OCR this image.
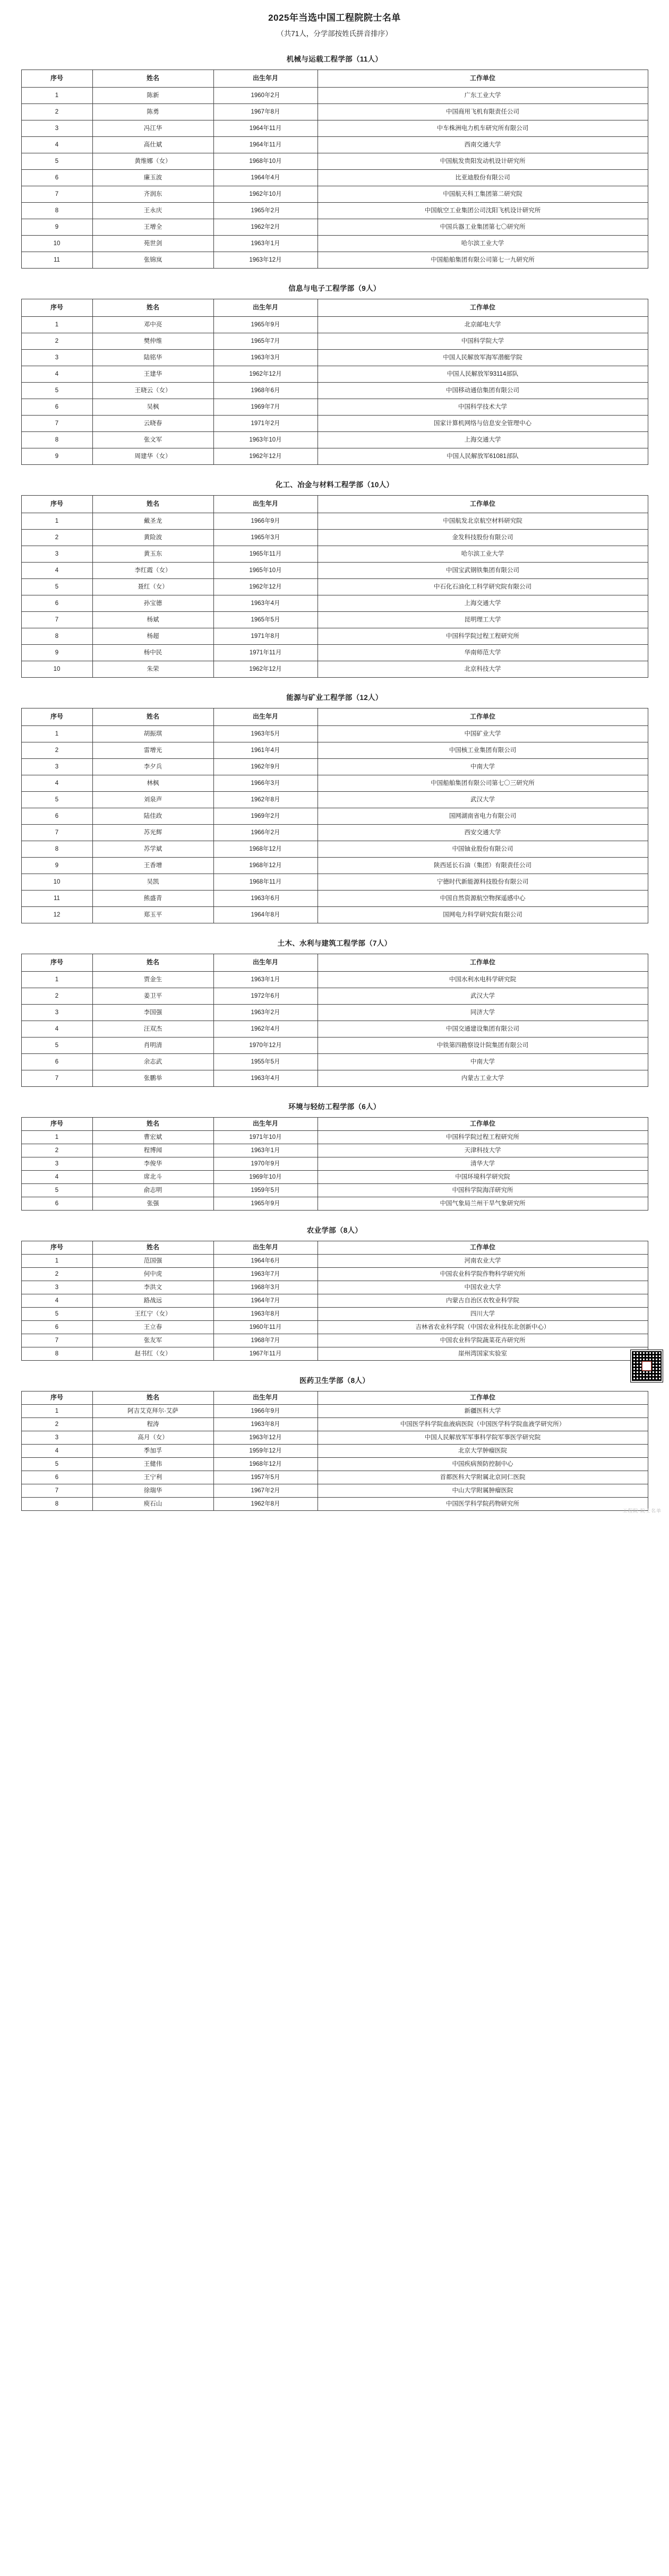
2025年当选中国工程院院士名单
（共71人，分学部按姓氏拼音排序）
机械与运载工程学部（11人）
序号	姓名	出生年月	工作单位
1	陈新	1960年2月	广东工业大学
2	陈勇	1967年8月	中国商用飞机有限责任公司
3	冯江华	1964年11月	中车株洲电力机车研究所有限公司
4	高仕斌	1964年11月	西南交通大学
5	黄维娜（女）	1968年10月	中国航发贵阳发动机设计研究所
6	廉玉波	1964年4月	比亚迪股份有限公司
7	齐润东	1962年10月	中国航天科工集团第二研究院
8	王永庆	1965年2月	中国航空工业集团公司沈阳飞机设计研究所
9	王增全	1962年2月	中国兵器工业集团第七〇研究所
10	苑世剑	1963年1月	哈尔滨工业大学
11	张锦岚	1963年12月	中国船舶集团有限公司第七一九研究所
信息与电子工程学部（9人）
序号	姓名	出生年月	工作单位
1	邓中亮	1965年9月	北京邮电大学
2	樊仲维	1965年7月	中国科学院大学
3	陆铭华	1963年3月	中国人民解放军海军潜艇学院
4	王建华	1962年12月	中国人民解放军93114部队
5	王晓云（女）	1968年6月	中国移动通信集团有限公司
6	吴枫	1969年7月	中国科学技术大学
7	云晓春	1971年2月	国家计算机网络与信息安全管理中心
8	张文军	1963年10月	上海交通大学
9	周建华（女）	1962年12月	中国人民解放军61081部队
化工、冶金与材料工程学部（10人）
序号	姓名	出生年月	工作单位
1	戴圣龙	1966年9月	中国航发北京航空材料研究院
2	黄险波	1965年3月	金发科技股份有限公司
3	黄玉东	1965年11月	哈尔滨工业大学
4	李红霞（女）	1965年10月	中国宝武钢铁集团有限公司
5	聂红（女）	1962年12月	中石化石油化工科学研究院有限公司
6	孙宝德	1963年4月	上海交通大学
7	杨斌	1965年5月	昆明理工大学
8	杨超	1971年8月	中国科学院过程工程研究所
9	杨中民	1971年11月	华南师范大学
10	朱荣	1962年12月	北京科技大学
能源与矿业工程学部（12人）
序号	姓名	出生年月	工作单位
1	胡振琪	1963年5月	中国矿业大学
2	雷增光	1961年4月	中国核工业集团有限公司
3	李夕兵	1962年9月	中南大学
4	林枫	1966年3月	中国船舶集团有限公司第七〇三研究所
5	刘泉声	1962年8月	武汉大学
6	陆佳政	1969年2月	国网湖南省电力有限公司
7	苏光辉	1966年2月	西安交通大学
8	苏学斌	1968年12月	中国铀业股份有限公司
9	王香增	1968年12月	陕西延长石油（集团）有限责任公司
10	吴凯	1968年11月	宁德时代新能源科技股份有限公司
11	熊盛青	1963年6月	中国自然资源航空物探遥感中心
12	郑玉平	1964年8月	国网电力科学研究院有限公司
土木、水利与建筑工程学部（7人）
序号	姓名	出生年月	工作单位
1	贾金生	1963年1月	中国水利水电科学研究院
2	姜卫平	1972年6月	武汉大学
3	李国强	1963年2月	同济大学
4	汪双杰	1962年4月	中国交通建设集团有限公司
5	肖明清	1970年12月	中铁第四勘察设计院集团有限公司
6	余志武	1955年5月	中南大学
7	张鹏举	1963年4月	内蒙古工业大学
环境与轻纺工程学部（6人）
序号	姓名	出生年月	工作单位
1	曹宏斌	1971年10月	中国科学院过程工程研究所
2	程博闻	1963年1月	天津科技大学
3	李俊华	1970年9月	清华大学
4	席北斗	1969年10月	中国环境科学研究院
5	俞志明	1959年5月	中国科学院海洋研究所
6	张强	1965年9月	中国气象局兰州干旱气象研究所
农业学部（8人）
序号	姓名	出生年月	工作单位
1	范国强	1964年6月	河南农业大学
2	何中虎	1963年7月	中国农业科学院作物科学研究所
3	李洪文	1968年3月	中国农业大学
4	路战远	1964年7月	内蒙古自治区农牧业科学院
5	王红宁（女）	1963年8月	四川大学
6	王立春	1960年11月	吉林省农业科学院（中国农业科技东北创新中心）
7	张友军	1968年7月	中国农业科学院蔬菜花卉研究所
8	赵书红（女）	1967年11月	崖州湾国家实验室
医药卫生学部（8人）
序号	姓名	出生年月	工作单位
1	阿吉艾克拜尔·艾萨	1966年9月	新疆医科大学
2	程涛	1963年8月	中国医学科学院血液病医院（中国医学科学院血液学研究所）
3	高月（女）	1963年12月	中国人民解放军军事科学院军事医学研究院
4	季加孚	1959年12月	北京大学肿瘤医院
5	王健伟	1968年12月	中国疾病预防控制中心
6	王宁利	1957年5月	首都医科大学附属北京同仁医院
7	徐瑞华	1967年2月	中山大学附属肿瘤医院
8	庾石山	1962年8月	中国医学科学院药物研究所
工程院 院士名单
